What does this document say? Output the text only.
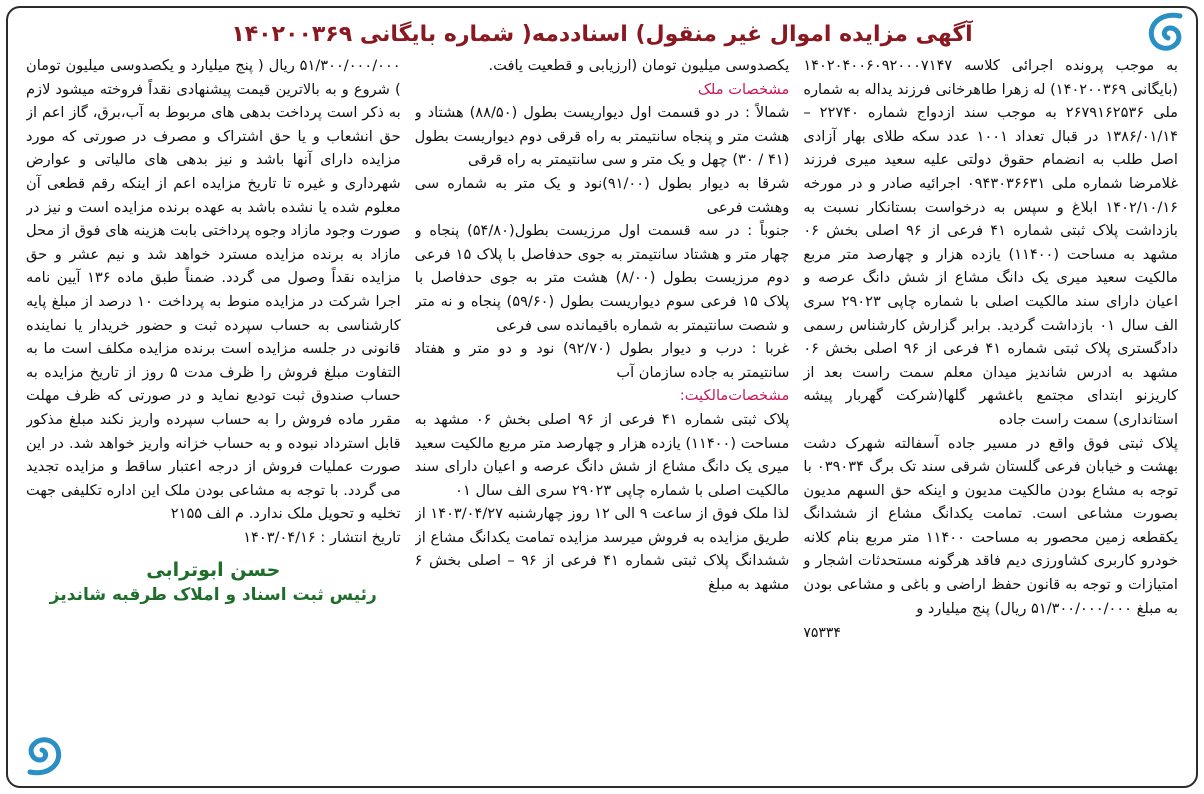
آگهی مزایده اموال غیر منقول) اسناد‌دمه( شماره بایگانی ۱۴۰۲۰۰۳۶۹

به موجب پرونده اجرائی کلاسه ۱۴۰۲۰۴۰۰۶۰۹۲۰۰۰۷۱۴۷ (بایگانی ۱۴۰۲۰۰۳۶۹) له زهرا طاهرخانی فرزند یداله به شماره ملی ۲۶۷۹۱۶۲۵۳۶ به موجب سند ازدواج شماره ۲۲۷۴۰ – ۱۳۸۶/۰۱/۱۴ در قبال تعداد ۱۰۰۱ عدد سکه طلای بهار آزادی اصل طلب به انضمام حقوق دولتی علیه سعید میری فرزند غلامرضا شماره ملی ۰۹۴۳۰۳۶۶۳۱ اجرائیه صادر و در مورخه ۱۴۰۲/۱۰/۱۶ ابلاغ و سپس به درخواست بستانکار نسبت به بازداشت پلاک ثبتی شماره ۴۱ فرعی از ۹۶ اصلی بخش ۰۶ مشهد به مساحت (۱۱۴۰۰) یازده هزار و چهارصد متر مربع مالکیت سعید میری یک دانگ مشاع از شش دانگ عرصه و اعیان دارای سند مالکیت اصلی با شماره چاپی ۲۹۰۲۳ سری الف سال ۰۱ بازداشت گردید. برابر گزارش کارشناس رسمی دادگستری پلاک ثبتی شماره ۴۱ فرعی از ۹۶ اصلی بخش ۰۶ مشهد به ادرس شاندیز میدان معلم سمت راست بعد از کاریزنو ابتدای مجتمع باغشهر گلها(شرکت گهربار پیشه استانداری) سمت راست جاده

پلاک ثبتی فوق واقع در مسیر جاده آسفالته شهرک دشت بهشت و خیابان فرعی گلستان شرقی سند تک برگ ۰۳۹۰۳۴ با توجه به مشاع بودن مالکیت مدیون و اینکه حق السهم مدیون بصورت مشاعی است. تمامت یکدانگ مشاع از ششدانگ یکقطعه زمین محصور به مساحت ۱۱۴۰۰ متر مربع بنام کلانه خودرو کاربری کشاورزی دیم فاقد هرگونه مستحدثات اشجار و امتیازات و توجه به قانون حفظ اراضی و باغی و مشاعی بودن به مبلغ ۵۱/۳۰۰/۰۰۰/۰۰۰ ریال) پنج میلیارد و

۷۵۳۳۴

یکصدوسی میلیون تومان (ارزیابی و قطعیت یافت.

مشخصات ملک

شمالاً : در دو قسمت اول دیواریست بطول (۸۸/۵۰) هشتاد و هشت متر و پنجاه سانتیمتر به راه قرقی دوم دیواریست بطول (۴۱ / ۳۰) چهل و یک متر و سی سانتیمتر به راه قرقی

شرقا به دیوار بطول (۹۱/۰۰)نود و یک متر به شماره سی وهشت فرعی

جنوباً : در سه قسمت اول مرزیست بطول(۵۴/۸۰) پنجاه و چهار متر و هشتاد سانتیمتر به جوی حدفاصل با پلاک ۱۵ فرعی دوم مرزیست بطول (۸/۰۰) هشت متر به جوی حدفاصل با پلاک ۱۵ فرعی سوم دیواریست بطول (۵۹/۶۰) پنجاه و نه متر و شصت سانتیمتر به شماره باقیمانده سی فرعی

غربا : درب و دیوار بطول (۹۲/۷۰) نود و دو متر و هفتاد سانتیمتر به جاده سازمان آب

مشخصات‌مالکیت:

پلاک ثبتی شماره ۴۱ فرعی از ۹۶ اصلی بخش ۰۶ مشهد به مساحت (۱۱۴۰۰) یازده هزار و چهارصد متر مربع مالکیت سعید میری یک دانگ مشاع از شش دانگ عرصه و اعیان دارای سند مالکیت اصلی با شماره چاپی ۲۹۰۲۳ سری الف سال ۰۱

لذا ملک فوق از ساعت ۹ الی ۱۲ روز چهارشنبه ۱۴۰۳/۰۴/۲۷ از طریق مزایده به فروش میرسد مزایده تمامت یکدانگ مشاع از ششدانگ پلاک ثبتی شماره ۴۱ فرعی از ۹۶ – اصلی بخش ۶ مشهد به مبلغ

۵۱/۳۰۰/۰۰۰/۰۰۰ ریال ( پنج میلیارد و یکصدوسی میلیون تومان ) شروع و به بالاترین قیمت پیشنهادی نقداً فروخته میشود لازم به ذکر است پرداخت بدهی های مربوط به آب،برق، گاز اعم از حق انشعاب و یا حق اشتراک و مصرف در صورتی که مورد مزایده دارای آنها باشد و نیز بدهی های مالیاتی و عوارض شهرداری و غیره تا تاریخ مزایده اعم از اینکه رقم قطعی آن معلوم شده یا نشده باشد به عهده برنده مزایده است و نیز در صورت وجود مازاد وجوه پرداختی بابت هزینه های فوق از محل مازاد به برنده مزایده مسترد خواهد شد و نیم عشر و حق مزایده نقداً وصول می گردد. ضمناً طبق ماده ۱۳۶ آیین نامه اجرا شرکت در مزایده منوط به پرداخت ۱۰ درصد از مبلغ پایه کارشناسی به حساب سپرده ثبت و حضور خریدار یا نماینده قانونی در جلسه مزایده است برنده مزایده مکلف است ما به التفاوت مبلغ فروش را ظرف مدت ۵ روز از تاریخ مزایده به حساب صندوق ثبت تودیع نماید و در صورتی که ظرف مهلت مقرر ماده فروش را به حساب سپرده واریز نکند مبلغ مذکور قابل استرداد نبوده و به حساب خزانه واریز خواهد شد. در این صورت عملیات فروش از درجه اعتبار ساقط و مزایده تجدید می گردد. با توجه به مشاعی بودن ملک این اداره تکلیفی جهت تخلیه و تحویل ملک ندارد. م الف ۲۱۵۵

تاریخ انتشار : ۱۴۰۳/۰۴/۱۶

حسن ابوترابی
رئیس ثبت اسناد و املاک طرقبه شاندیز
